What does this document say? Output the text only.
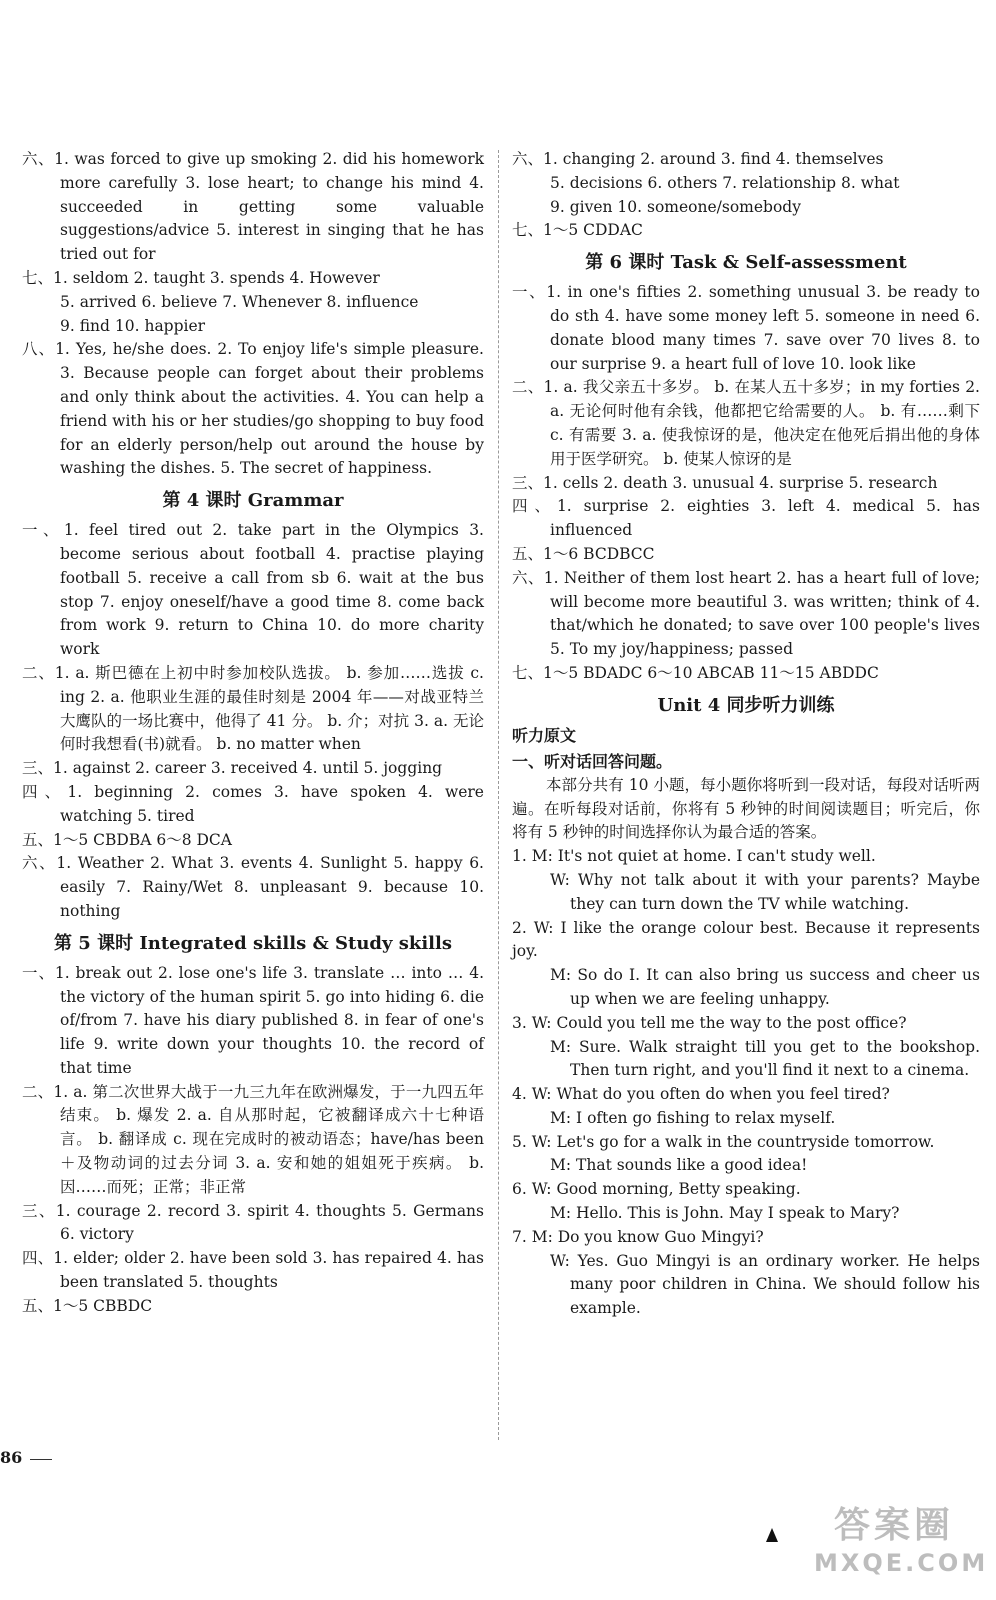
六、1. was forced to give up smoking 2. did his homework more carefully 3. lose heart; to change his mind 4. succeeded in getting some valuable suggestions/advice 5. interest in singing that he has tried out for

七、1. seldom 2. taught 3. spends 4. However

5. arrived 6. believe 7. Whenever 8. influence

9. find 10. happier

八、1. Yes, he/she does. 2. To enjoy life's simple pleasure. 3. Because people can forget about their problems and only think about the activities. 4. You can help a friend with his or her studies/go shopping to buy food for an elderly person/help out around the house by washing the dishes. 5. The secret of happiness.

第 4 课时 Grammar

一、1. feel tired out 2. take part in the Olympics 3. become serious about football 4. practise playing football 5. receive a call from sb 6. wait at the bus stop 7. enjoy oneself/have a good time 8. come back from work 9. return to China 10. do more charity work

二、1. a. 斯巴德在上初中时参加校队选拔。 b. 参加……选拔 c. ing 2. a. 他职业生涯的最佳时刻是 2004 年——对战亚特兰大鹰队的一场比赛中，他得了 41 分。 b. 介；对抗 3. a. 无论何时我想看(书)就看。 b. no matter when

三、1. against 2. career 3. received 4. until 5. jogging

四、1. beginning 2. comes 3. have spoken 4. were watching 5. tired

五、1～5 CBDBA 6～8 DCA

六、1. Weather 2. What 3. events 4. Sunlight 5. happy 6. easily 7. Rainy/Wet 8. unpleasant 9. because 10. nothing

第 5 课时 Integrated skills & Study skills

一、1. break out 2. lose one's life 3. translate … into … 4. the victory of the human spirit 5. go into hiding 6. die of/from 7. have his diary published 8. in fear of one's life 9. write down your thoughts 10. the record of that time

二、1. a. 第二次世界大战于一九三九年在欧洲爆发，于一九四五年结束。 b. 爆发 2. a. 自从那时起，它被翻译成六十七种语言。 b. 翻译成 c. 现在完成时的被动语态；have/has been＋及物动词的过去分词 3. a. 安和她的姐姐死于疾病。 b. 因……而死；正常；非正常

三、1. courage 2. record 3. spirit 4. thoughts 5. Germans 6. victory

四、1. elder; older 2. have been sold 3. has repaired 4. has been translated 5. thoughts

五、1～5 CBBDC

六、1. changing 2. around 3. find 4. themselves

5. decisions 6. others 7. relationship 8. what

9. given 10. someone/somebody

七、1～5 CDDAC

第 6 课时 Task & Self-assessment

一、1. in one's fifties 2. something unusual 3. be ready to do sth 4. have some money left 5. someone in need 6. donate blood many times 7. save over 70 lives 8. to our surprise 9. a heart full of love 10. look like

二、1. a. 我父亲五十多岁。 b. 在某人五十多岁；in my forties 2. a. 无论何时他有余钱，他都把它给需要的人。 b. 有……剩下 c. 有需要 3. a. 使我惊讶的是，他决定在他死后捐出他的身体用于医学研究。 b. 使某人惊讶的是

三、1. cells 2. death 3. unusual 4. surprise 5. research

四、1. surprise 2. eighties 3. left 4. medical 5. has influenced

五、1～6 BCDBCC

六、1. Neither of them lost heart 2. has a heart full of love; will become more beautiful 3. was written; think of 4. that/which he donated; to save over 100 people's lives 5. To my joy/happiness; passed

七、1～5 BDADC 6～10 ABCAB 11～15 ABDDC

Unit 4 同步听力训练
听力原文
一、听对话回答问题。

本部分共有 10 小题，每小题你将听到一段对话，每段对话听两遍。在听每段对话前，你将有 5 秒钟的时间阅读题目；听完后，你将有 5 秒钟的时间选择你认为最合适的答案。

1. M: It's not quiet at home. I can't study well.

W: Why not talk about it with your parents? Maybe they can turn down the TV while watching.

2. W: I like the orange colour best. Because it represents joy.

M: So do I. It can also bring us success and cheer us up when we are feeling unhappy.

3. W: Could you tell me the way to the post office?

M: Sure. Walk straight till you get to the bookshop. Then turn right, and you'll find it next to a cinema.

4. W: What do you often do when you feel tired?

M: I often go fishing to relax myself.

5. W: Let's go for a walk in the countryside tomorrow.

M: That sounds like a good idea!

6. W: Good morning, Betty speaking.

M: Hello. This is John. May I speak to Mary?

7. M: Do you know Guo Mingyi?

W: Yes. Guo Mingyi is an ordinary worker. He helps many poor children in China. We should follow his example.

86
答案圈
MXQE.COM
